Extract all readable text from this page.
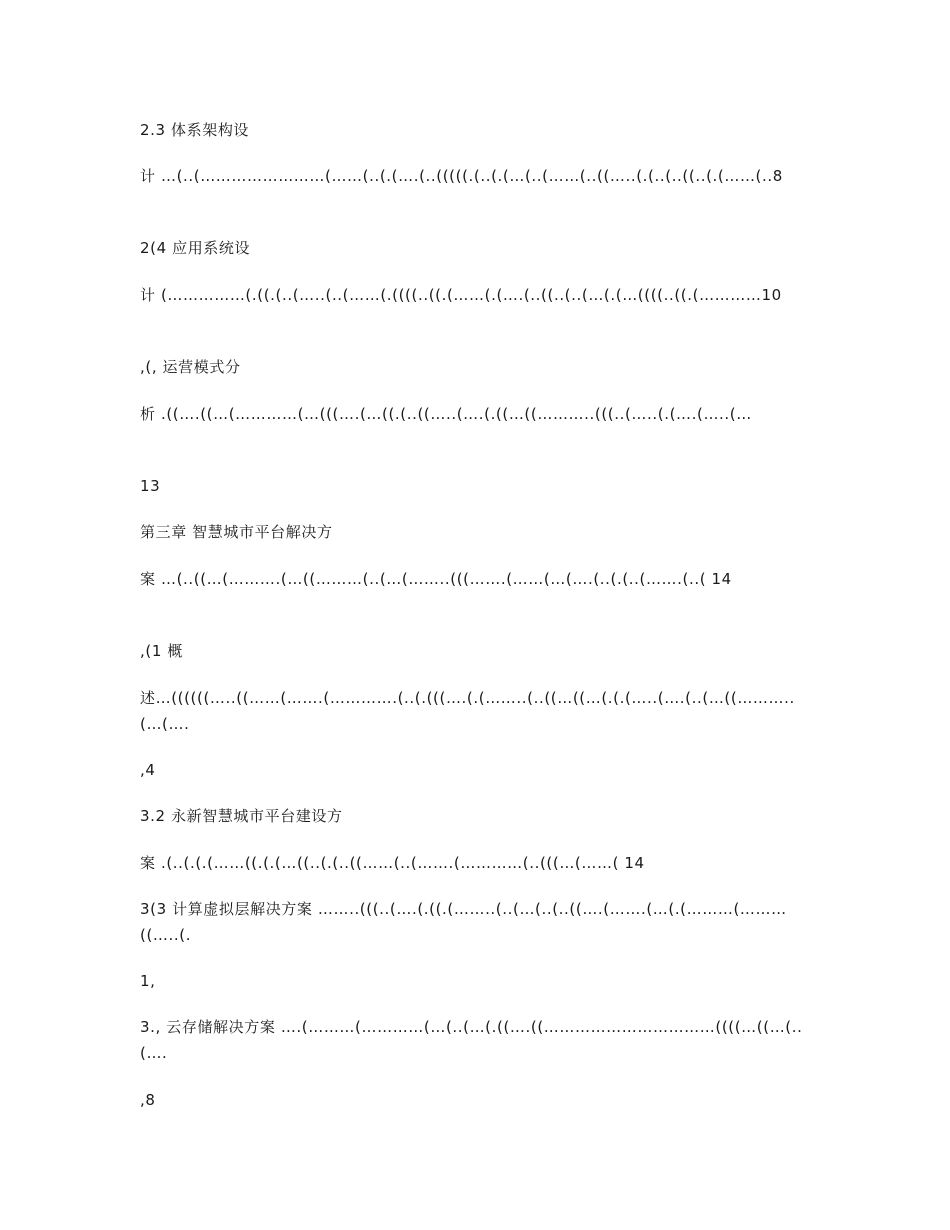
2.3 体系架构设

计 …(..(……………………(……(..(.(….(..(((((.(..(.(…(..(……(..((…..(.(..(..((..(.(……(..8

2(4 应用系统设

计 (……………(.((.(..(…..(..(……(.((((..((.(……(.(….(..((..(..(…(.(…((((..((.(…………10

,(, 运营模式分

析 .((….((…(…………(…(((….(…((.(..((…..(….(.((…((………..(((..(…..(.(….(…..(…

13

第三章 智慧城市平台解决方

案 …(..((…(……….(…((………(..(…(……..(((…….(……(…(….(..(.(..(…….(..( 14

,(1 概

述…((((((…..((……(…….(………….(..(.(((….(.(……..(..((…((…(.(.(…..(….(..(…((………..(…(….

,4

3.2 永新智慧城市平台建设方

案 .(..(.(.(……((.(.(…((..(.(..((……(..(…….(…………(..(((…(……( 14

3(3 计算虚拟层解决方案 ……..(((..(….(.((.(……..(..(…(..(..((….(…….(…(.(………(………((…..(.

1,

3., 云存储解决方案 ….(………(…………(…(..(…(.((….((……………………………((((…((…(..(….

,8
